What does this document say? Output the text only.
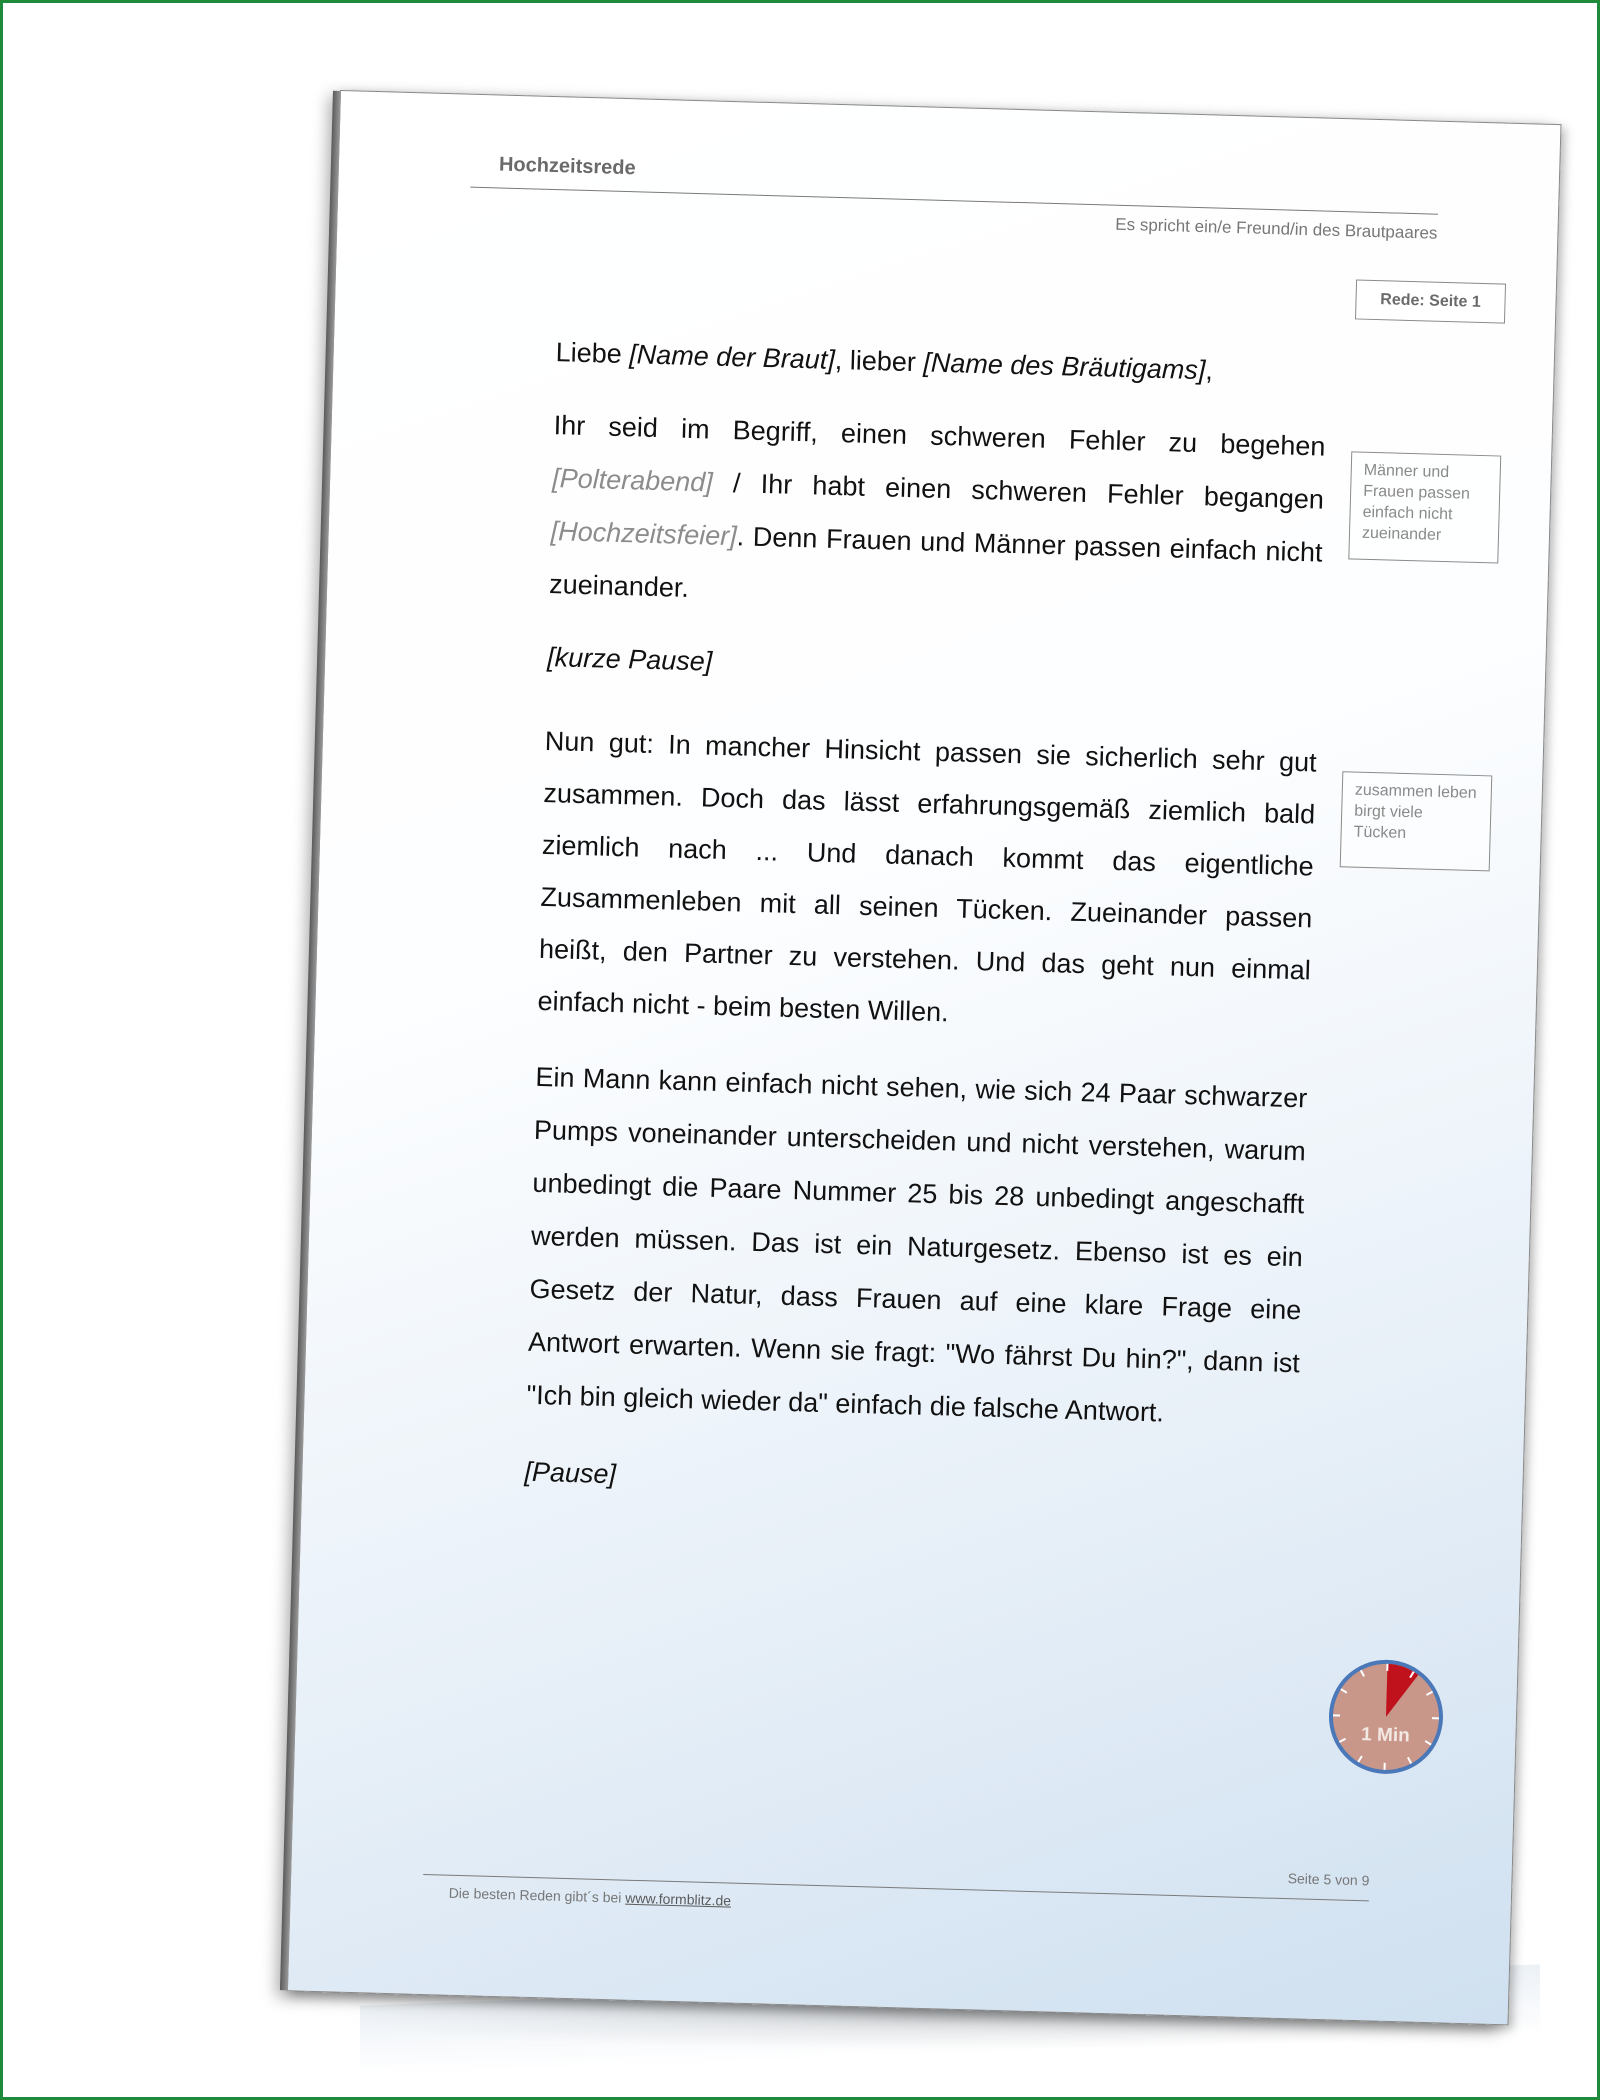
Hochzeitsrede
Es spricht ein/e Freund/in des Brautpaares
Rede: Seite 1
Männer und Frauen passen einfach nicht zueinander
zusammen leben birgt viele Tücken

Liebe [Name der Braut], lieber [Name des Bräutigams],

Ihr seid im Begriff, einen schweren Fehler zu begehen [Polterabend] / Ihr habt einen schweren Fehler begangen [Hochzeitsfeier]. Denn Frauen und Männer passen einfach nicht zueinander.

[kurze Pause]

Nun gut: In mancher Hinsicht passen sie sicherlich sehr gut zusammen. Doch das lässt erfahrungsgemäß ziemlich bald ziemlich nach ... Und danach kommt das eigentliche Zusammenleben mit all seinen Tücken. Zueinander passen heißt, den Partner zu verstehen. Und das geht nun einmal einfach nicht - beim besten Willen.

Ein Mann kann einfach nicht sehen, wie sich 24 Paar schwarzer Pumps voneinander unterscheiden und nicht verstehen, warum unbedingt die Paare Nummer 25 bis 28 unbedingt angeschafft werden müssen. Das ist ein Naturgesetz. Ebenso ist es ein Gesetz der Natur, dass Frauen auf eine klare Frage eine Antwort erwarten. Wenn sie fragt: "Wo fährst Du hin?", dann ist "Ich bin gleich wieder da" einfach die falsche Antwort.

[Pause]

1 Min
Seite 5 von 9
Die besten Reden gibt´s bei www.formblitz.de
